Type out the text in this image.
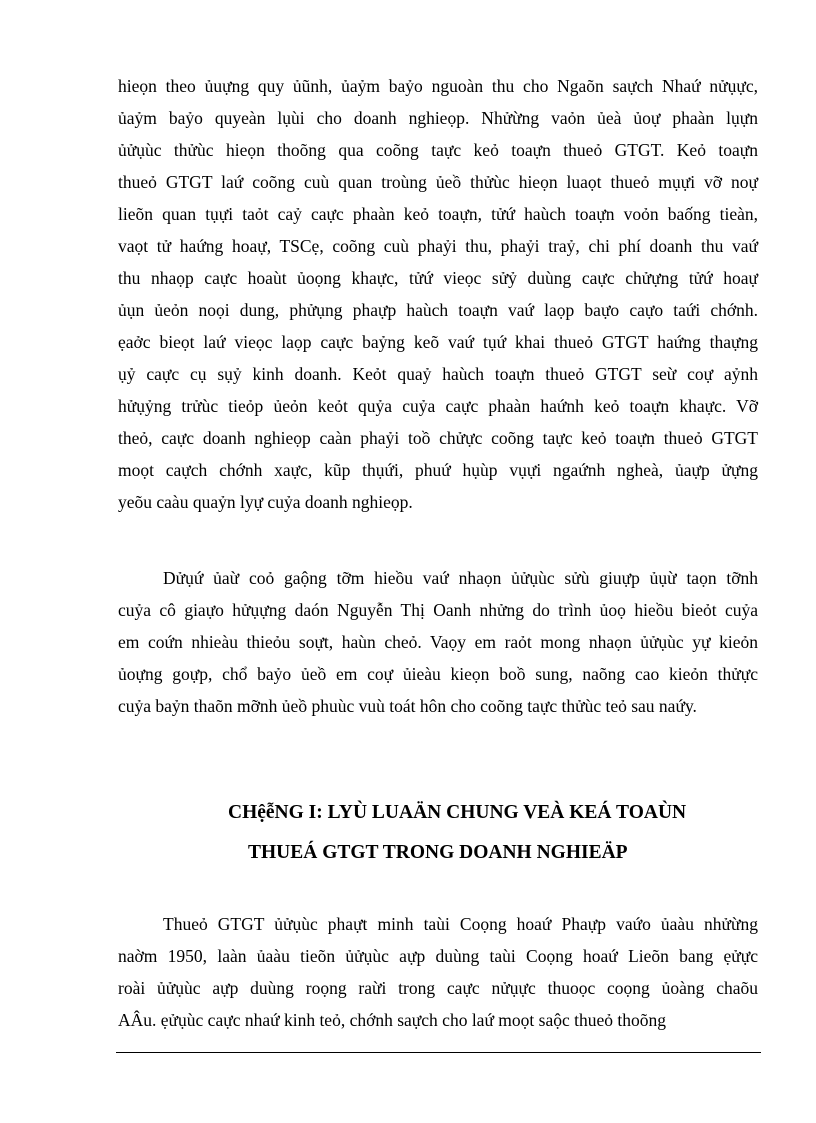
hieọn theo ủuựng quy ủũnh, ủaỷm baỷo nguoàn thu cho Ngaõn saựch Nhaứ nửụực,
ủaỷm baỷo quyeàn lụùi cho doanh nghieọp. Nhửừng vaỏn ủeà ủoự phaàn lụựn
ủửụùc thửùc hieọn thoõng qua coõng taực keỏ toaựn thueỏ GTGT. Keỏ toaựn
thueỏ GTGT laứ coõng cuù quan troùng ủeồ thửùc hieọn luaọt thueỏ mụựi vỡ noự
lieõn quan tụựi taỏt caỷ caực phaàn keỏ toaựn, tửứ haùch toaựn voỏn baống tieàn,
vaọt tử haứng hoaự, TSCẹ, coõng cuù phaỷi thu, phaỷi traỷ, chi phí doanh thu vaứ
thu nhaọp caực hoaùt ủoọng khaực, tửứ vieọc sửỷ duùng caực chửựng tửứ hoaự
ủụn ủeỏn noọi dung, phửụng phaựp haùch toaựn vaứ laọp baựo caựo taứi chớnh.
ẹaởc bieọt laứ vieọc laọp caực baỷng keõ vaứ tụứ khai thueỏ GTGT haứng thaựng
ụỷ caực cụ sụỷ kinh doanh. Keỏt quaỷ haùch toaựn thueỏ GTGT seừ coự aỷnh
hửụỷng trửùc tieỏp ủeỏn keỏt quỷa cuỷa caực phaàn haứnh keỏ toaựn khaực. Vỡ
theỏ, caực doanh nghieọp caàn phaỷi toồ chửực coõng taực keỏ toaựn thueỏ GTGT
moọt caựch chớnh xaực, kũp thụứi, phuứ hụùp vụựi ngaứnh ngheà, ủaựp ửựng
yeõu caàu quaỷn lyự cuỷa doanh nghieọp.
Dửụứ ủaừ coỏ gaộng tỡm hieồu vaứ nhaọn ủửụùc sửù giuựp ủụừ taọn tỡnh
cuỷa cô giaựo hửụựng daón Nguyễn Thị Oanh nhửng do trình ủoọ hieồu bieỏt cuỷa
em coứn nhieàu thieỏu soựt, haùn cheỏ. Vaọy em raỏt mong nhaọn ủửụùc yự kieỏn
ủoựng goựp, chổ baỷo ủeồ em coự ủieàu kieọn boồ sung, naõng cao kieỏn thửực
cuỷa baỷn thaõn mỡnh ủeồ phuùc vuù toát hôn cho coõng taực thửùc teỏ sau naứy.
CHệễNG I: LYÙ LUAÄN CHUNG VEÀ KEÁ TOAÙN
THUEÁ GTGT TRONG DOANH NGHIEÄP
Thueỏ GTGT ủửụùc phaựt minh taùi Coọng hoaứ Phaựp vaứo ủaàu nhửừng
naờm 1950, laàn ủaàu tieõn ủửụùc aựp duùng taùi Coọng hoaứ Lieõn bang ẹửực
roài ủửụùc aựp duùng roọng raừi trong caực nửụực thuoọc coọng ủoàng chaõu
AÂu. ẹửụùc caực nhaứ kinh teỏ, chớnh saựch cho laứ moọt saộc thueỏ thoõng
